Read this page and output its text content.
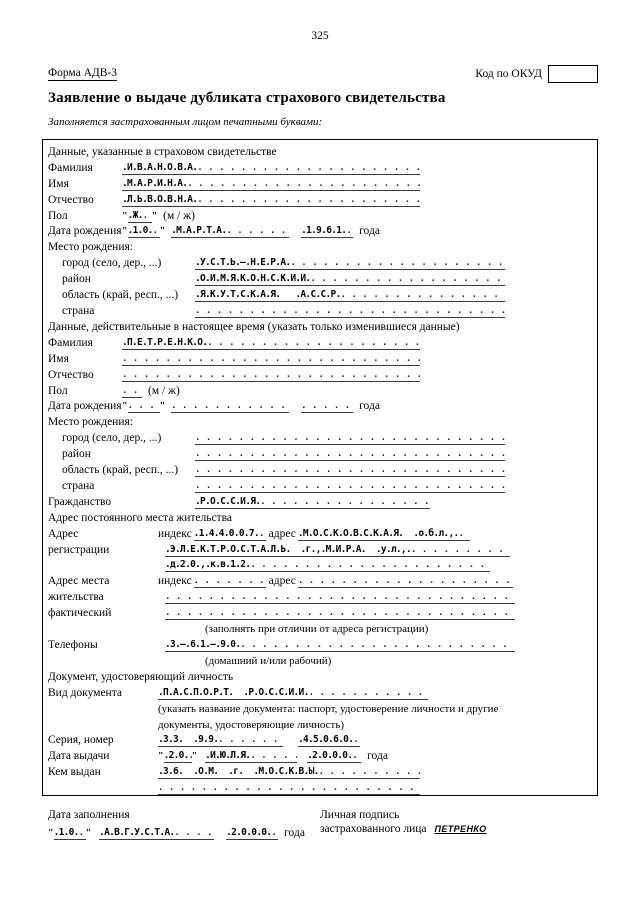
325
Форма АДВ-3	Код по ОКУД
Заявление о выдаче дубликата страхового свидетельства
Заполняется застрахованным лицом печатными буквами:
Данные, указанные в страховом свидетельстве
Фамилия	.И.В.А.Н.О.В.А.
.....
Имя	.М.А.Р.И.Н.А.
.....
Отчество	.Л.Ь.В.О.В.Н.А.
.....
Пол "	.Ж. ..... " (м / ж)
Дата рождения " .1.0. ..... " .М.А.Р.Т.А. .....	.1.9.6.1. ..... года
Место рождения:
город (село, дер., ...)	.У.С.Т.Ь.–.Н.Е.Р.А.
.....
район	.О.Й.М.Я.К.О.Н.С.К.И.Й.
.....
область (край, респ., ...)	.Я.К.У.Т.С.К.А.Я.   .А.С.С.Р.
.....
страна
.....
Данные, действительные в настоящее время (указать только изменившиеся данные)
Фамилия	.П.Е.Т.Р.Е.Н.К.О.
.....
Имя
.....
Отчество
.....
Пол .....	(м / ж)
Дата рождения " ..... " ..... .....	года
Место рождения:
город (село, дер., ...)
.....
район
.....
область (край, респ., ...)
.....
страна
.....
Гражданство	.Р.О.С.С.И.Я.
.....
Адрес постоянного места жительства
Адрес	индекс .1.4.4.0.0.7. ..... адрес .М.О.С.К.О.В.С.К.А.Я.  .о.б.л.,.
.....
регистрации	.Э.Л.Е.К.Т.Р.О.С.Т.А.Л.Ь.  .г.,.М.И.Р.А.  .у.л.,.
.....
.д.2.0.,.к.в.1.2.
.....
Адрес места	индекс .....	адрес
.....
жительства
.....
фактический
.....
(заполнять при отличии от адреса регистрации)
Телефоны	.3.–.6.1.–.9.0.
.....
(домашний и/или рабочий)
Документ, удостоверяющий личность
Вид документа	.П.А.С.П.О.Р.Т.  .Р.О.С.С.И.И.
.....
(указать название документа: паспорт, удостоверение личности и другие
документы, удостоверяющие личность)
Серия, номер	.3.3.  .9.9. .....	.4.5.0.6.0.
.....
Дата выдачи "	.2.0. ..... " .И.Ю.Л.Я. .....	.2.0.0.0. ..... года
Кем выдан	.3.6.  .О.М.  .г.  .М.О.С.К.В.Ы.
.....
.....
Дата заполнения
"
.1.0. ..... " .А.В.Г.У.С.Т.А. .....	.2.0.0.0. ..... года
Личная подпись
застрахованного лица ПЕТРЕНКО
